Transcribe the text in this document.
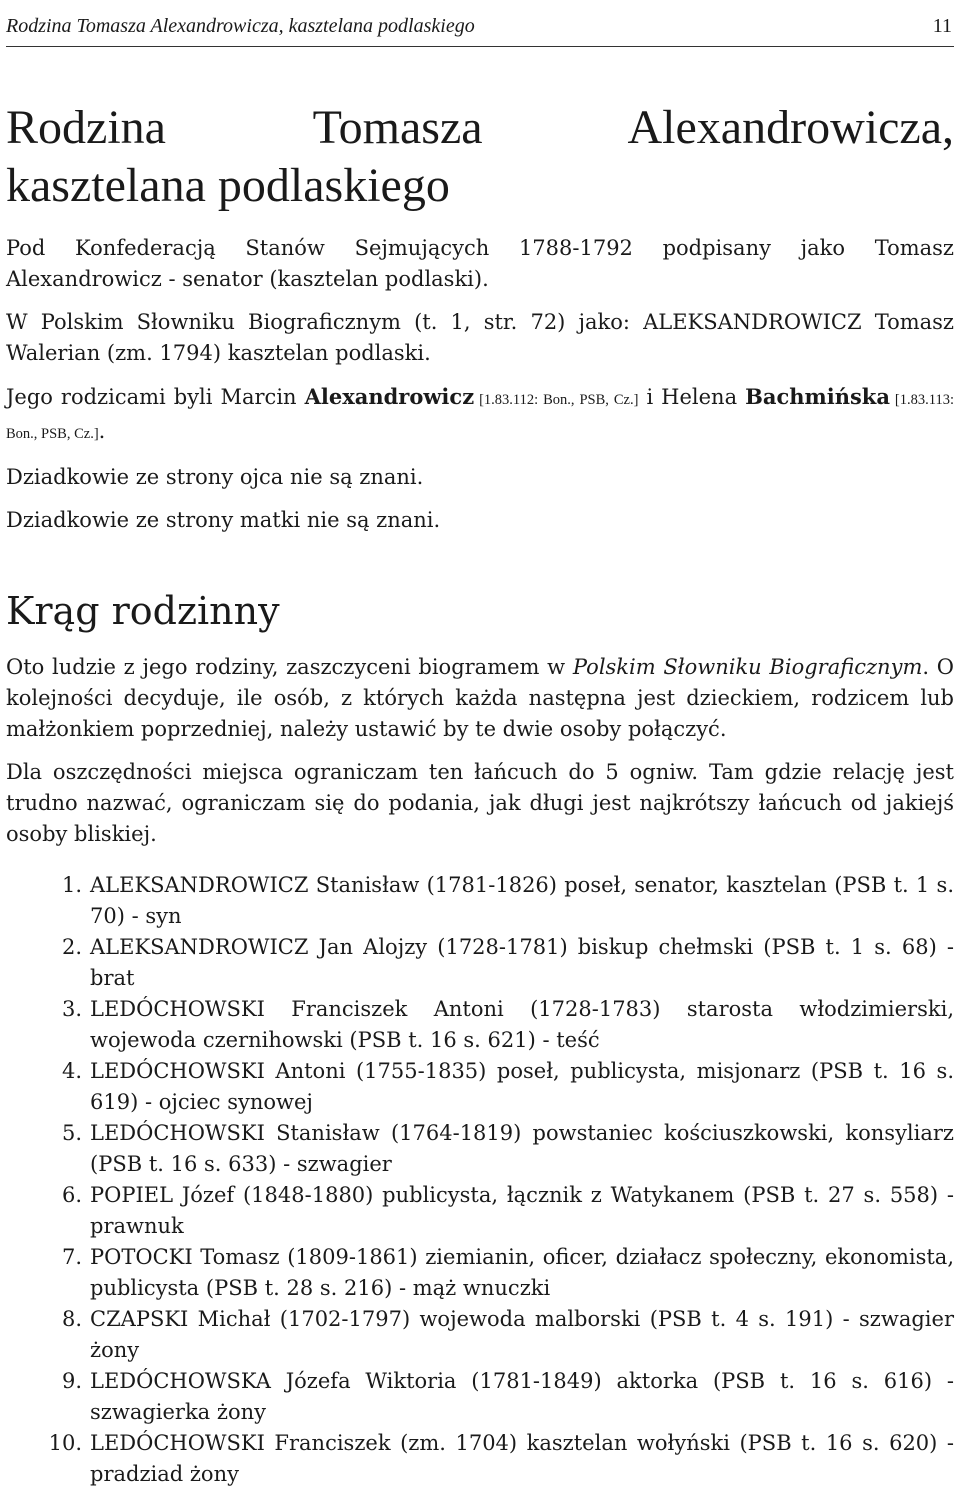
Rodzina Tomasza Alexandrowicza, kasztelana podlaskiego	11
Rodzina Tomasza Alexandrowicza,
kasztelana podlaskiego

Pod Konfederacją Stanów Sejmujących 1788-1792 podpisany jako Tomasz Alexandrowicz - senator (kasztelan podlaski).

W Polskim Słowniku Biograficznym (t. 1, str. 72) jako: ALEKSANDROWICZ Tomasz Walerian (zm. 1794) kasztelan podlaski.

Jego rodzicami byli Marcin Alexandrowicz [1.83.112: Bon., PSB, Cz.] i Helena Bachmińska [1.83.113: Bon., PSB, Cz.].

Dziadkowie ze strony ojca nie są znani.

Dziadkowie ze strony matki nie są znani.

Krąg rodzinny

Oto ludzie z jego rodziny, zaszczyceni biogramem w Polskim Słowniku Biograficznym. O kolejności decyduje, ile osób, z których każda następna jest dzieckiem, rodzicem lub małżonkiem poprzedniej, należy ustawić by te dwie osoby połączyć.

Dla oszczędności miejsca ograniczam ten łańcuch do 5 ogniw. Tam gdzie relację jest trudno nazwać, ograniczam się do podania, jak długi jest najkrótszy łańcuch od jakiejś osoby bliskiej.

1. ALEKSANDROWICZ Stanisław (1781-1826) poseł, senator, kasztelan (PSB t. 1 s. 70) - syn
2. ALEKSANDROWICZ Jan Alojzy (1728-1781) biskup chełmski (PSB t. 1 s. 68) - brat
3. LEDÓCHOWSKI Franciszek Antoni (1728-1783) starosta włodzimierski, wojewoda czernihowski (PSB t. 16 s. 621) - teść
4. LEDÓCHOWSKI Antoni (1755-1835) poseł, publicysta, misjonarz (PSB t. 16 s. 619) - ojciec synowej
5. LEDÓCHOWSKI Stanisław (1764-1819) powstaniec kościuszkowski, konsyliarz (PSB t. 16 s. 633) - szwagier
6. POPIEL Józef (1848-1880) publicysta, łącznik z Watykanem (PSB t. 27 s. 558) - prawnuk
7. POTOCKI Tomasz (1809-1861) ziemianin, oficer, działacz społeczny, ekonomista, publicysta (PSB t. 28 s. 216) - mąż wnuczki
8. CZAPSKI Michał (1702-1797) wojewoda malborski (PSB t. 4 s. 191) - szwagier żony
9. LEDÓCHOWSKA Józefa Wiktoria (1781-1849) aktorka (PSB t. 16 s. 616) - szwagierka żony
10. LEDÓCHOWSKI Franciszek (zm. 1704) kasztelan wołyński (PSB t. 16 s. 620) - pradziad żony
